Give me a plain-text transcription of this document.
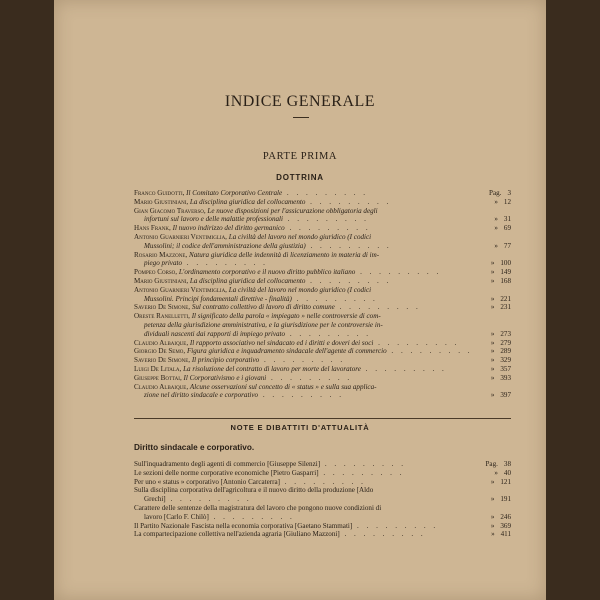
INDICE GENERALE
PARTE PRIMA
DOTTRINA
Franco Guidotti, Il Comitato Corporativo Centrale . . . . . . . . .	Pag. 3
Mario Giustiniani, La disciplina giuridica del collocamento . . . . . . . . .	» 12
Gian Giacomo Traverso, Le nuove disposizioni per l'assicurazione obbligatoria degli
infortuni sul lavoro e delle malattie professionali . . . . . . . . .	» 31
Hans Frank, Il nuovo indirizzo del diritto germanico . . . . . . . . .	» 69
Antonio Guarnieri Ventimiglia, La civiltà del lavoro nel mondo giuridico (I codici
Mussolini; il codice dell'amministrazione della giustizia) . . . . . . . . .	» 77
Rosario Mazzone, Natura giuridica delle indennità di licenziamento in materia di im-
piego privato . . . . . . . . .	» 100
Pompeo Corso, L'ordinamento corporativo e il nuovo diritto pubblico italiano . . . . . . . . .	» 149
Mario Giustiniani, La disciplina giuridica del collocamento . . . . . . . . .	» 168
Antonio Guarnieri Ventimiglia, La civiltà del lavoro nel mondo giuridico (I codici
Mussolini. Principi fondamentali direttive - finalità) . . . . . . . . .	» 221
Saverio De Simone, Sul contratto collettivo di lavoro di diritto comune . . . . . . . . .	» 231
Oreste Ranelletti, Il significato della parola « impiegato » nelle controversie di com-
petenza della giurisdizione amministrativa, e la giurisdizione per le controversie in-
dividuali nascenti dai rapporti di impiego privato . . . . . . . . .	» 273
Claudio Albaique, Il rapporto associativo nel sindacato ed i diritti e doveri dei soci . . . . . . . . .	» 279
Giorgio De Semo, Figura giuridica e inquadramento sindacale dell'agente di commercio . . . . . . . . .	» 289
Saverio De Simone, Il principio corporativo . . . . . . . . .	» 329
Luigi De Litala, La risoluzione del contratto di lavoro per morte del lavoratore . . . . . . . . .	» 357
Giuseppe Bottai, Il Corporativismo e i giovani . . . . . . . . .	» 393
Claudio Albaique, Alcune osservazioni sul concetto di « status » e sulla sua applica-
zione nel diritto sindacale e corporativo . . . . . . . . .	» 397
NOTE E DIBATTITI D'ATTUALITÀ
Diritto sindacale e corporativo.
Sull'inquadramento degli agenti di commercio [Giuseppe Silenzi] . . . . . . . . .	Pag. 38
Le sezioni delle norme corporative economiche [Pietro Gasparri] . . . . . . . . .	» 40
Per uno « status » corporativo [Antonio Carcaterra] . . . . . . . . .	» 121
Sulla disciplina corporativa dell'agricoltura e il nuovo diritto della produzione [Aldo
Grechi] . . . . . . . . .	» 191
Carattere delle sentenze della magistratura del lavoro che pongono nuove condizioni di
lavoro [Carlo F. Chilò] . . . . . . . . .	» 246
Il Partito Nazionale Fascista nella economia corporativa [Gaetano Stammati] . . . . . . . . .	» 369
La compartecipazione collettiva nell'azienda agraria [Giuliano Mazzoni] . . . . . . . . .	» 411
